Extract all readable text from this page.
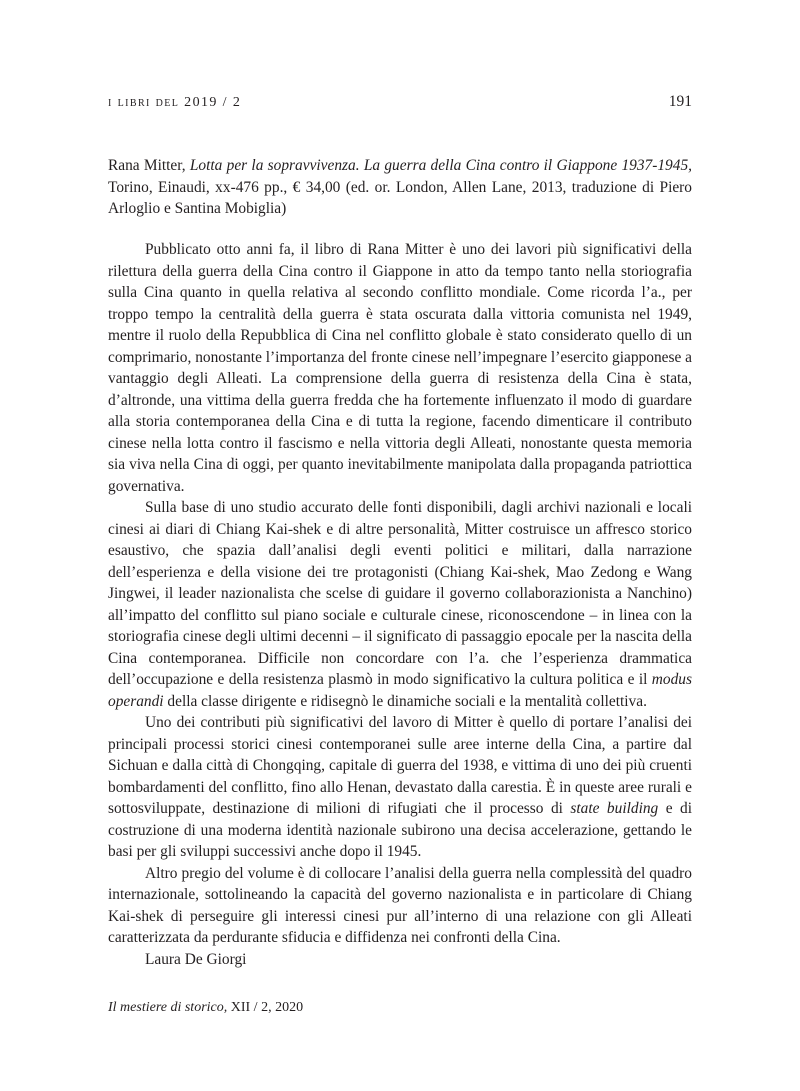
i libri del 2019 / 2	191
Rana Mitter, Lotta per la sopravvivenza. La guerra della Cina contro il Giappone 1937-1945, Torino, Einaudi, xx-476 pp., € 34,00 (ed. or. London, Allen Lane, 2013, traduzione di Piero Arloglio e Santina Mobiglia)

Pubblicato otto anni fa, il libro di Rana Mitter è uno dei lavori più significativi della rilettura della guerra della Cina contro il Giappone in atto da tempo tanto nella storiografia sulla Cina quanto in quella relativa al secondo conflitto mondiale. Come ricorda l’a., per troppo tempo la centralità della guerra è stata oscurata dalla vittoria comunista nel 1949, mentre il ruolo della Repubblica di Cina nel conflitto globale è stato considerato quello di un comprimario, nonostante l’importanza del fronte cinese nell’impegnare l’esercito giapponese a vantaggio degli Alleati. La comprensione della guerra di resistenza della Cina è stata, d’altronde, una vittima della guerra fredda che ha fortemente influenzato il modo di guardare alla storia contemporanea della Cina e di tutta la regione, facendo dimenticare il contributo cinese nella lotta contro il fascismo e nella vittoria degli Alleati, nonostante questa memoria sia viva nella Cina di oggi, per quanto inevitabilmente manipolata dalla propaganda patriottica governativa.

Sulla base di uno studio accurato delle fonti disponibili, dagli archivi nazionali e locali cinesi ai diari di Chiang Kai-shek e di altre personalità, Mitter costruisce un affresco storico esaustivo, che spazia dall’analisi degli eventi politici e militari, dalla narrazione dell’esperienza e della visione dei tre protagonisti (Chiang Kai-shek, Mao Zedong e Wang Jingwei, il leader nazionalista che scelse di guidare il governo collaborazionista a Nanchino) all’impatto del conflitto sul piano sociale e culturale cinese, riconoscendone – in linea con la storiografia cinese degli ultimi decenni – il significato di passaggio epocale per la nascita della Cina contemporanea. Difficile non concordare con l’a. che l’esperienza drammatica dell’occupazione e della resistenza plasmò in modo significativo la cultura politica e il modus operandi della classe dirigente e ridisegnò le dinamiche sociali e la mentalità collettiva.

Uno dei contributi più significativi del lavoro di Mitter è quello di portare l’analisi dei principali processi storici cinesi contemporanei sulle aree interne della Cina, a partire dal Sichuan e dalla città di Chongqing, capitale di guerra del 1938, e vittima di uno dei più cruenti bombardamenti del conflitto, fino allo Henan, devastato dalla carestia. È in queste aree rurali e sottosviluppate, destinazione di milioni di rifugiati che il processo di state building e di costruzione di una moderna identità nazionale subirono una decisa accelerazione, gettando le basi per gli sviluppi successivi anche dopo il 1945.

Altro pregio del volume è di collocare l’analisi della guerra nella complessità del quadro internazionale, sottolineando la capacità del governo nazionalista e in particolare di Chiang Kai-shek di perseguire gli interessi cinesi pur all’interno di una relazione con gli Alleati caratterizzata da perdurante sfiducia e diffidenza nei confronti della Cina.

Laura De Giorgi

Il mestiere di storico, XII / 2, 2020
